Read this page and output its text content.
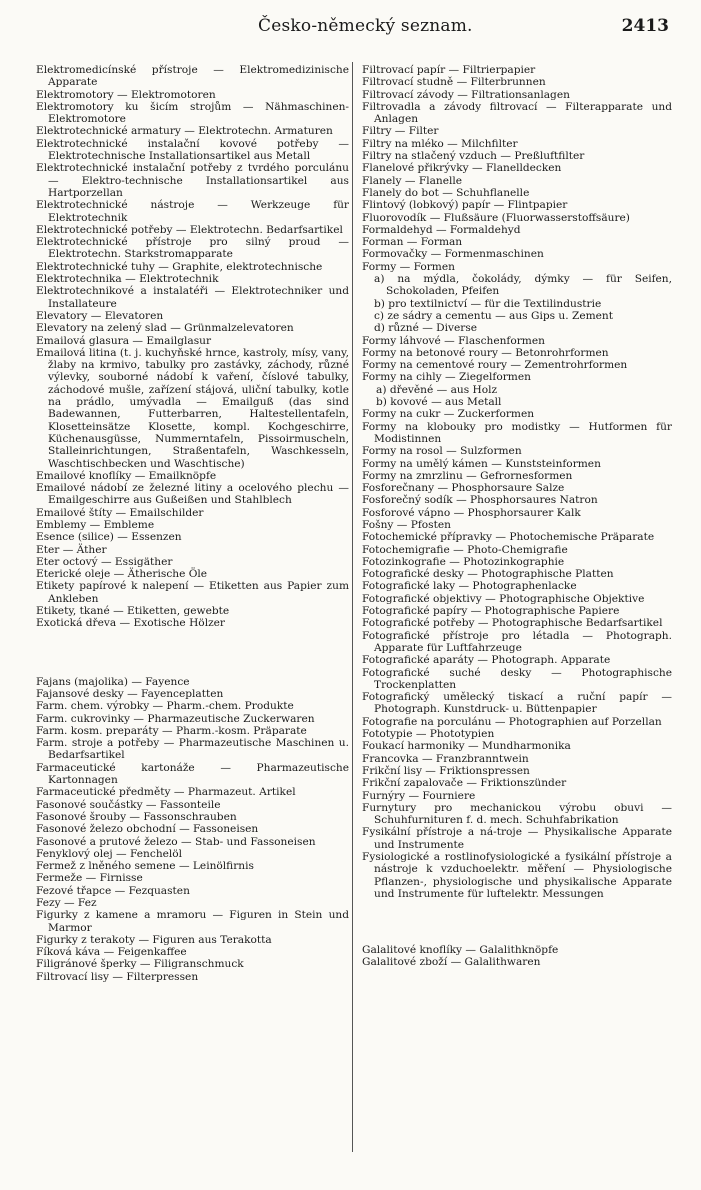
Česko-německý seznam.	2413

Elektromedicínské přístroje — Elektromedizinische Apparate

Elektromotory — Elektromotoren

Elektromotory ku šicím strojům — Nähmaschinen-Elektromotore

Elektrotechnické armatury — Elektrotechn. Armaturen

Elektrotechnické instalační kovové potřeby — Elektrotechnische Installationsartikel aus Metall

Elektrotechnické instalační potřeby z tvrdého porculánu — Elektro-technische Installationsartikel aus Hartporzellan

Elektrotechnické nástroje — Werkzeuge für Elektrotechnik

Elektrotechnické potřeby — Elektrotechn. Bedarfsartikel

Elektrotechnické přístroje pro silný proud — Elektrotechn. Starkstromapparate

Elektrotechnické tuhy — Graphite, elektrotechnische

Elektrotechnika — Elektrotechnik

Elektrotechnikové a instalatéři — Elektrotechniker und Installateure

Elevatory — Elevatoren

Elevatory na zelený slad — Grünmalzelevatoren

Emailová glasura — Emailglasur

Emailová litina (t. j. kuchyňské hrnce, kastroly, mísy, vany, žlaby na krmivo, tabulky pro zastávky, záchody, různé výlevky, souborné nádobí k vaření, číslové tabulky, záchodové mušle, zařízení stájová, uliční tabulky, kotle na prádlo, umývadla — Emailguß (das sind Badewannen, Futterbarren, Haltestellentafeln, Klosetteinsätze Klosette, kompl. Kochgeschirre, Küchenausgüsse, Nummerntafeln, Pissoirmuscheln, Stalleinrichtungen, Straßentafeln, Waschkesseln, Waschtischbecken und Waschtische)

Emailové knoflíky — Emailknöpfe

Emailové nádobí ze železné litiny a ocelového plechu — Emailgeschirre aus Gußeißen und Stahlblech

Emailové štíty — Emailschilder

Emblemy — Embleme

Esence (silice) — Essenzen

Eter — Äther

Eter octový — Essigäther

Eterické oleje — Ätherische Öle

Etikety papírové k nalepení — Etiketten aus Papier zum Ankleben

Etikety, tkané — Etiketten, gewebte

Exotická dřeva — Exotische Hölzer

Fajans (majolika) — Fayence

Fajansové desky — Fayenceplatten

Farm. chem. výrobky — Pharm.-chem. Produkte

Farm. cukrovinky — Pharmazeutische Zuckerwaren

Farm. kosm. preparáty — Pharm.-kosm. Präparate

Farm. stroje a potřeby — Pharmazeutische Maschinen u. Bedarfsartikel

Farmaceutické kartonáže — Pharmazeutische Kartonnagen

Farmaceutické předměty — Pharmazeut. Artikel

Fasonové součástky — Fassonteile

Fasonové šrouby — Fassonschrauben

Fasonové železo obchodní — Fassoneisen

Fasonové a prutové železo — Stab- und Fassoneisen

Fenyklový olej — Fenchelöl

Fermež z lněného semene — Leinölfirnis

Fermeže — Firnisse

Fezové třapce — Fezquasten

Fezy — Fez

Figurky z kamene a mramoru — Figuren in Stein und Marmor

Figurky z terakoty — Figuren aus Terakotta

Fíková káva — Feigenkaffee

Filigránové šperky — Filigranschmuck

Filtrovací lisy — Filterpressen

Filtrovací papír — Filtrierpapier

Filtrovací studně — Filterbrunnen

Filtrovací závody — Filtrationsanlagen

Filtrovadla a závody filtrovací — Filterapparate und Anlagen

Filtry — Filter

Filtry na mléko — Milchfilter

Filtry na stlačený vzduch — Preßluftfilter

Flanelové přikrývky — Flanelldecken

Flanely — Flanelle

Flanely do bot — Schuhflanelle

Flintový (lobkový) papír — Flintpapier

Fluorovodík — Flußsäure (Fluorwasserstoffsäure)

Formaldehyd — Formaldehyd

Forman — Forman

Formovačky — Formenmaschinen

Formy — Formen

a) na mýdla, čokolády, dýmky — für Seifen, Schokoladen, Pfeifen

b) pro textilnictví — für die Textilindustrie

c) ze sádry a cementu — aus Gips u. Zement

d) různé — Diverse

Formy láhvové — Flaschenformen

Formy na betonové roury — Betonrohrformen

Formy na cementové roury — Zementrohrformen

Formy na cihly — Ziegelformen

a) dřevěné — aus Holz

b) kovové — aus Metall

Formy na cukr — Zuckerformen

Formy na klobouky pro modistky — Hutformen für Modistinnen

Formy na rosol — Sulzformen

Formy na umělý kámen — Kunststeinformen

Formy na zmrzlinu — Gefrornesformen

Fosforečnany — Phosphorsaure Salze

Fosforečný sodík — Phosphorsaures Natron

Fosforové vápno — Phosphorsaurer Kalk

Fošny — Pfosten

Fotochemické přípravky — Photochemische Präparate

Fotochemigrafie — Photo-Chemigrafie

Fotozinkografie — Photozinkographie

Fotografické desky — Photographische Platten

Fotografické laky — Photographenlacke

Fotografické objektivy — Photographische Objektive

Fotografické papíry — Photographische Papiere

Fotografické potřeby — Photographische Bedarfsartikel

Fotografické přístroje pro létadla — Photograph. Apparate für Luftfahrzeuge

Fotografické aparáty — Photograph. Apparate

Fotografické suché desky — Photographische Trockenplatten

Fotografický umělecký tiskací a ruční papír — Photograph. Kunstdruck- u. Büttenpapier

Fotografie na porculánu — Photographien auf Porzellan

Fototypie — Phototypien

Foukací harmoniky — Mundharmonika

Francovka — Franzbranntwein

Frikční lisy — Friktionspressen

Frikční zapalovače — Friktionszünder

Furnýry — Fourniere

Furnytury pro mechanickou výrobu obuvi — Schuhfurnituren f. d. mech. Schuhfabrikation

Fysikální přístroje a ná-troje — Physikalische Apparate und Instrumente

Fysiologické a rostlinofysiologické a fysikální přístroje a nástroje k vzduchoelektr. měření — Physiologische Pflanzen-, physiologische und physikalische Apparate und Instrumente für luftelektr. Messungen

Galalitové knoflíky — Galalithknöpfe

Galalitové zboží — Galalithwaren
